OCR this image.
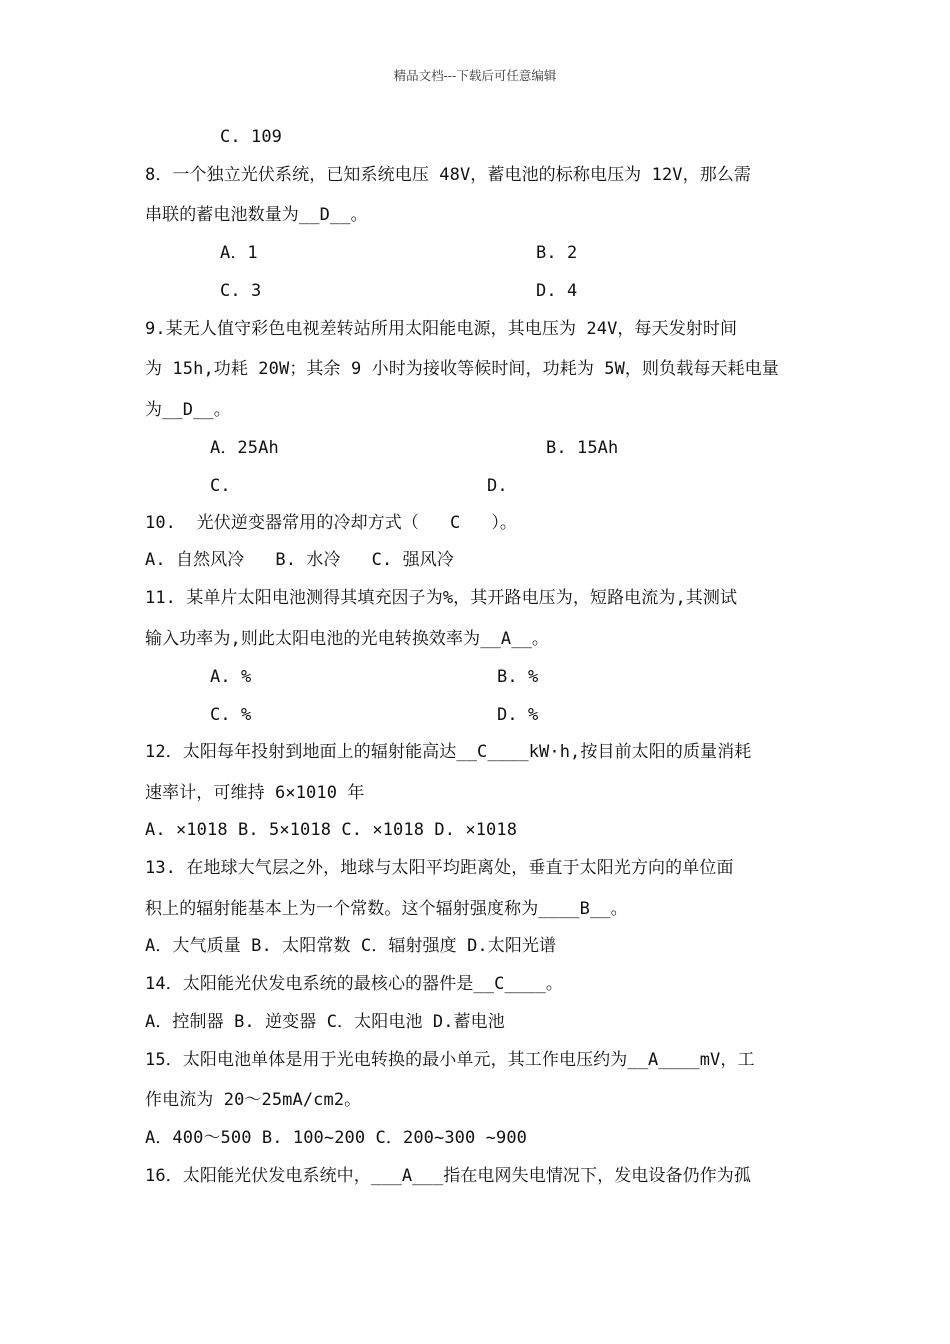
精品文档---下载后可任意编辑
C. 109
8．一个独立光伏系统，已知系统电压 48V，蓄电池的标称电压为 12V，那么需
串联的蓄电池数量为__D__。
A．1	B. 2
C. 3	D. 4
9.某无人值守彩色电视差转站所用太阳能电源，其电压为 24V，每天发射时间
为 15h,功耗 20W；其余 9 小时为接收等候时间，功耗为 5W，则负载每天耗电量
为__D__。
A．25Ah	B. 15Ah
C.	D.
10.  光伏逆变器常用的冷却方式（   C   ）。
A. 自然风冷   B. 水冷   C. 强风冷
11. 某单片太阳电池测得其填充因子为%，其开路电压为，短路电流为,其测试
输入功率为,则此太阳电池的光电转换效率为__A__。
A. %	B. %
C. %	D. %
12．太阳每年投射到地面上的辐射能高达__C____kW·h,按目前太阳的质量消耗
速率计，可维持 6×1010 年
A. ×1018 B. 5×1018 C. ×1018 D. ×1018
13. 在地球大气层之外，地球与太阳平均距离处，垂直于太阳光方向的单位面
积上的辐射能基本上为一个常数。这个辐射强度称为____B__。
A．大气质量 B. 太阳常数 C．辐射强度 D.太阳光谱
14．太阳能光伏发电系统的最核心的器件是__C____。
A．控制器 B. 逆变器 C．太阳电池 D.蓄电池
15．太阳电池单体是用于光电转换的最小单元，其工作电压约为__A____mV，工
作电流为 20～25mA/cm2。
A．400～500 B. 100~200 C．200~300 ~900
16．太阳能光伏发电系统中，___A___指在电网失电情况下，发电设备仍作为孤
